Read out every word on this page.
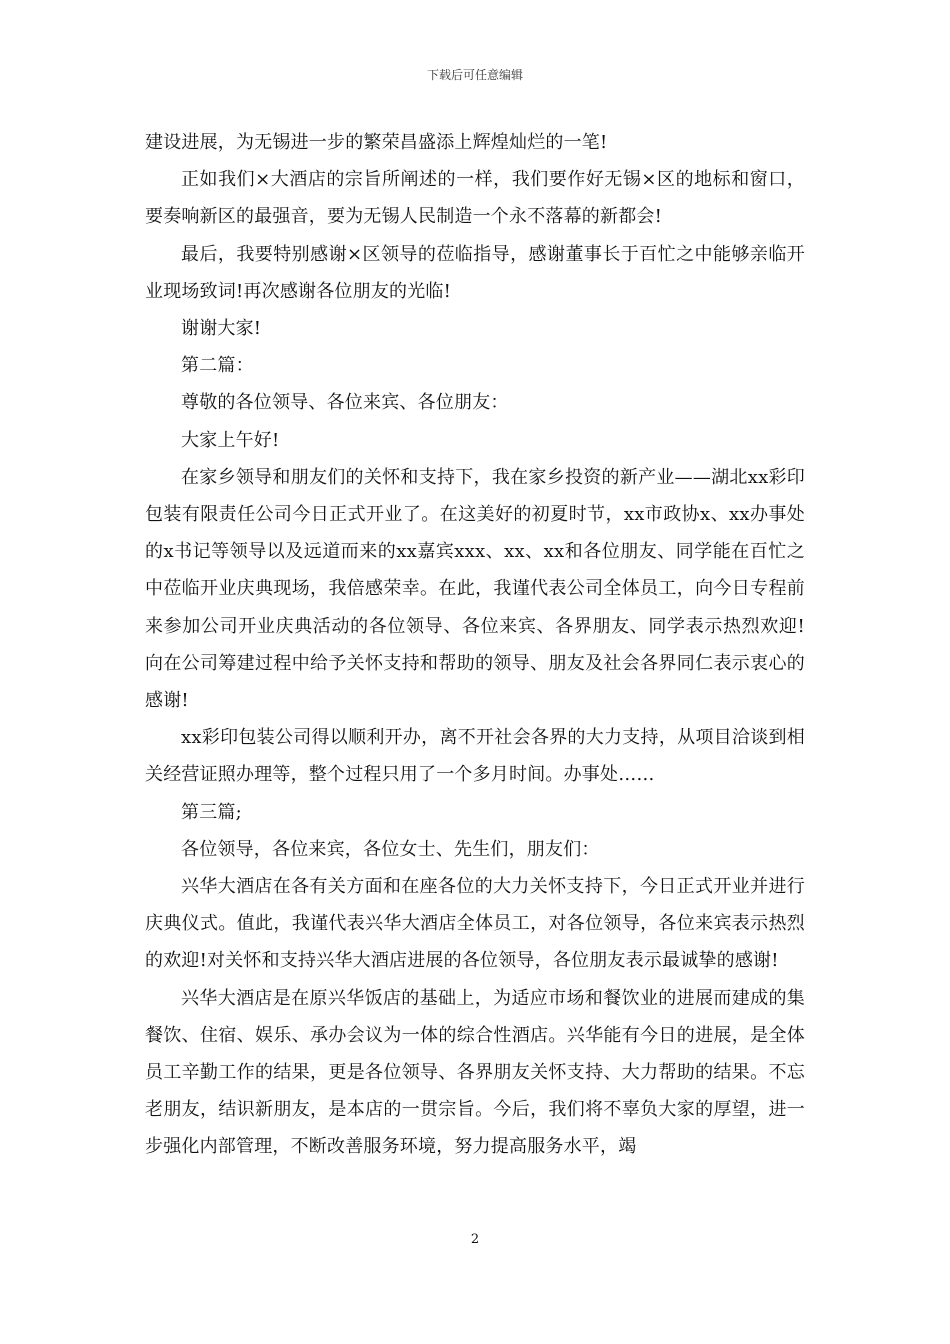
下载后可任意编辑

建设进展，为无锡进一步的繁荣昌盛添上辉煌灿烂的一笔!

正如我们×大酒店的宗旨所阐述的一样，我们要作好无锡×区的地标和窗口，要奏响新区的最强音，要为无锡人民制造一个永不落幕的新都会!

最后，我要特别感谢×区领导的莅临指导，感谢董事长于百忙之中能够亲临开业现场致词!再次感谢各位朋友的光临!

谢谢大家!

第二篇：

尊敬的各位领导、各位来宾、各位朋友：

大家上午好!

在家乡领导和朋友们的关怀和支持下，我在家乡投资的新产业——湖北xx彩印包装有限责任公司今日正式开业了。在这美好的初夏时节，xx市政协x、xx办事处的x书记等领导以及远道而来的xx嘉宾xxx、xx、xx和各位朋友、同学能在百忙之中莅临开业庆典现场，我倍感荣幸。在此，我谨代表公司全体员工，向今日专程前来参加公司开业庆典活动的各位领导、各位来宾、各界朋友、同学表示热烈欢迎!向在公司筹建过程中给予关怀支持和帮助的领导、朋友及社会各界同仁表示衷心的感谢!

xx彩印包装公司得以顺利开办，离不开社会各界的大力支持，从项目洽谈到相关经营证照办理等，整个过程只用了一个多月时间。办事处……

第三篇;

各位领导，各位来宾，各位女士、先生们，朋友们：

兴华大酒店在各有关方面和在座各位的大力关怀支持下，今日正式开业并进行庆典仪式。值此，我谨代表兴华大酒店全体员工，对各位领导，各位来宾表示热烈的欢迎!对关怀和支持兴华大酒店进展的各位领导，各位朋友表示最诚挚的感谢!

兴华大酒店是在原兴华饭店的基础上，为适应市场和餐饮业的进展而建成的集餐饮、住宿、娱乐、承办会议为一体的综合性酒店。兴华能有今日的进展，是全体员工辛勤工作的结果，更是各位领导、各界朋友关怀支持、大力帮助的结果。不忘老朋友，结识新朋友，是本店的一贯宗旨。今后，我们将不辜负大家的厚望，进一步强化内部管理，不断改善服务环境，努力提高服务水平，竭

2
